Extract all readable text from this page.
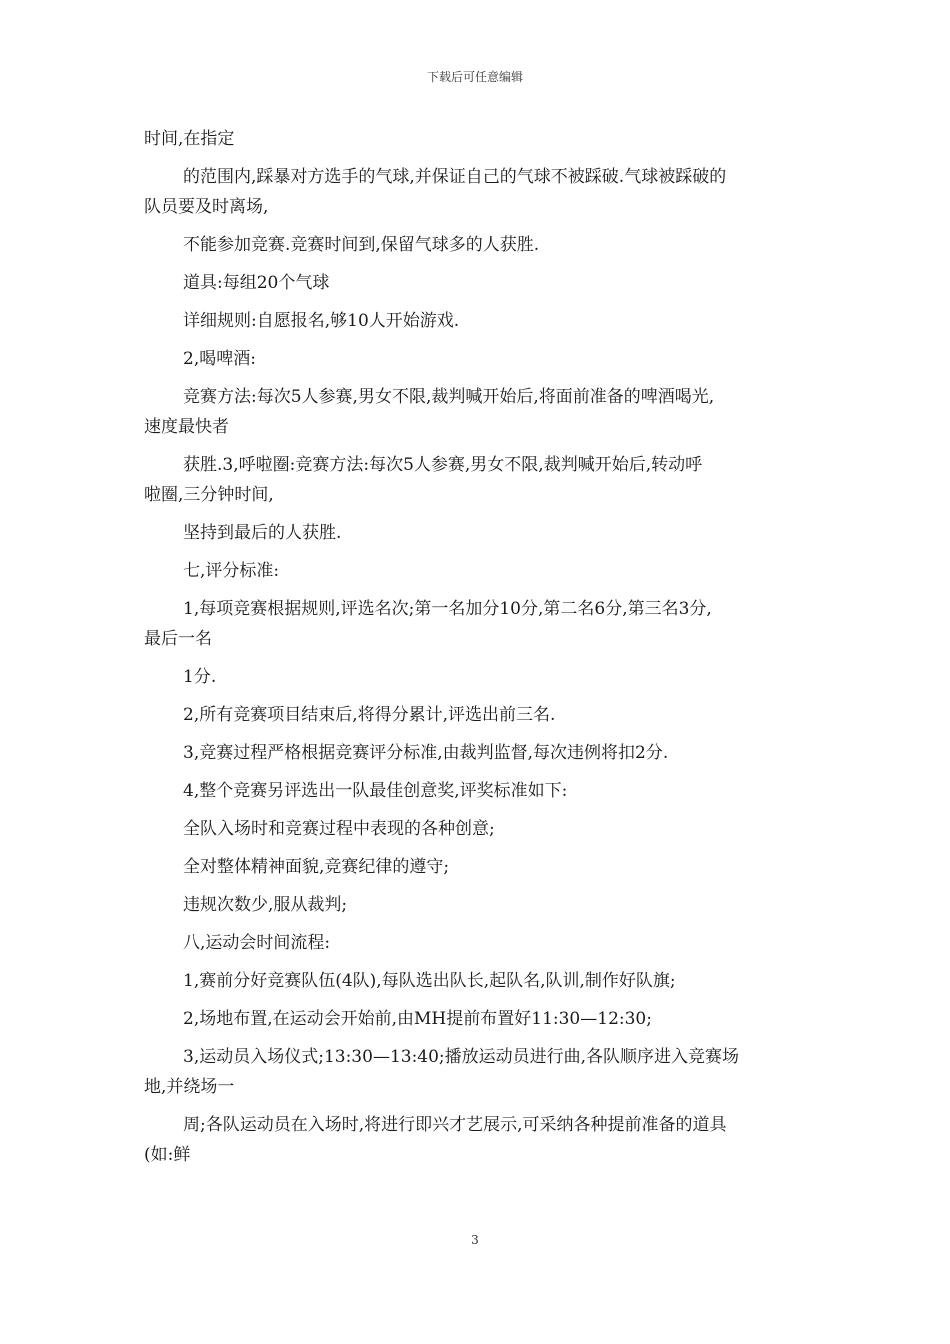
下载后可任意编辑
时间,在指定
的范围内,踩暴对方选手的气球,并保证自己的气球不被踩破.气球被踩破的
队员要及时离场,
不能参加竞赛.竞赛时间到,保留气球多的人获胜.
道具:每组20个气球
详细规则:自愿报名,够10人开始游戏.
2,喝啤酒:
竞赛方法:每次5人参赛,男女不限,裁判喊开始后,将面前准备的啤酒喝光,
速度最快者
获胜.3,呼啦圈:竞赛方法:每次5人参赛,男女不限,裁判喊开始后,转动呼
啦圈,三分钟时间,
坚持到最后的人获胜.
七,评分标准:
1,每项竞赛根据规则,评选名次;第一名加分10分,第二名6分,第三名3分,
最后一名
1分.
2,所有竞赛项目结束后,将得分累计,评选出前三名.
3,竞赛过程严格根据竞赛评分标准,由裁判监督,每次违例将扣2分.
4,整个竞赛另评选出一队最佳创意奖,评奖标准如下:
全队入场时和竞赛过程中表现的各种创意;
全对整体精神面貌,竞赛纪律的遵守;
违规次数少,服从裁判;
八,运动会时间流程:
1,赛前分好竞赛队伍(4队),每队选出队长,起队名,队训,制作好队旗;
2,场地布置,在运动会开始前,由MH提前布置好11:30—12:30;
3,运动员入场仪式;13:30—13:40;播放运动员进行曲,各队顺序进入竞赛场
地,并绕场一
周;各队运动员在入场时,将进行即兴才艺展示,可采纳各种提前准备的道具
(如:鲜
3
